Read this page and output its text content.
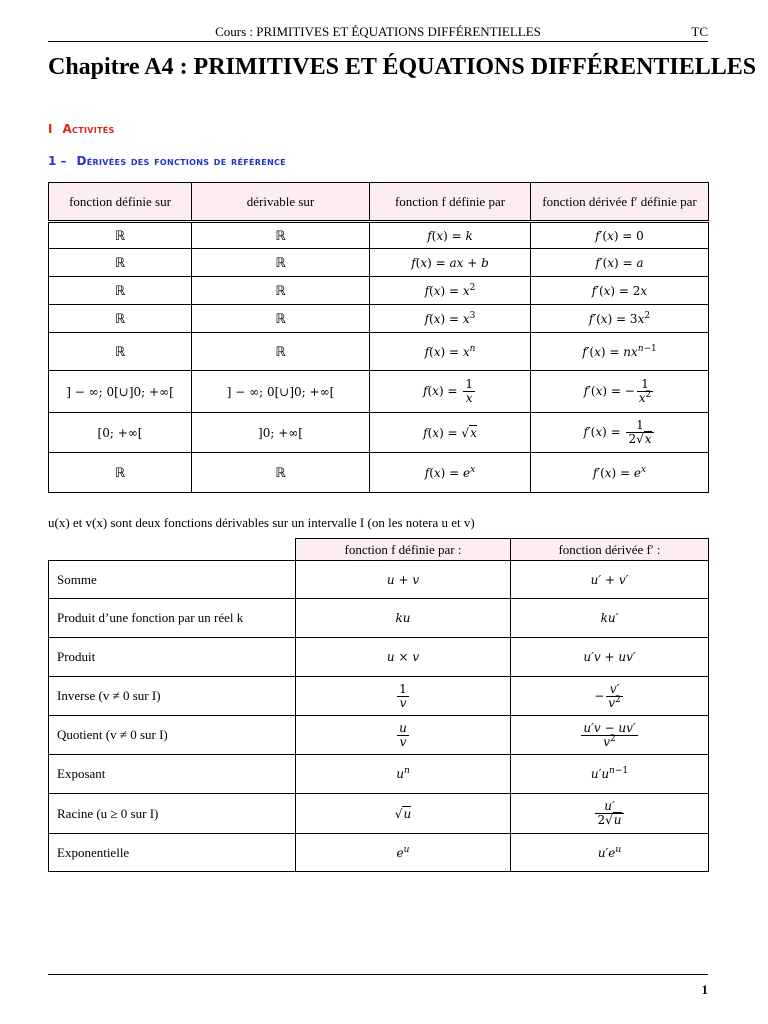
Cours : PRIMITIVES ET ÉQUATIONS DIFFÉRENTIELLES	TC
Chapitre A4 : PRIMITIVES ET ÉQUATIONS DIFFÉRENTIELLES
I Activités
1 – Dérivées des fonctions de référence
fonction définie sur	dérivable sur	fonction f définie par	fonction dérivée f′ définie par
ℝ	ℝ	f(x) = k	f′(x) = 0
ℝ	ℝ	f(x) = ax + b	f′(x) = a
ℝ	ℝ	$f(x) = x^2$	f′(x) = 2x
ℝ	ℝ	$f(x) = x^3$	$f'(x) = 3x^2$
ℝ	ℝ	$f(x) = x^n$	$f'(x) = nx^{n-1}$
] − ∞; 0[∪]0; +∞[	] − ∞; 0[∪]0; +∞[	$f(x) = \frac{1}{x}$	f′(x) = − $\frac{1}{x^2}$

[0; +∞[	]0; +∞[	f(x) = √x	$f'(x) = \frac{1}{2√x}$

ℝ	ℝ	$f(x) = e^x$	$f'(x) = e^x$
u(x) et v(x) sont deux fonctions dérivables sur un intervalle I (on les notera u et v)
	fonction f définie par :	fonction dérivée f′ :
Somme	u + v	u′ + v′
Produit d’une fonction par un réel k	ku	ku′
Produit	u × v	u′v + uv′
Inverse (v ≠ 0 sur I)	$\frac{1}{v}$	− $\frac{v'}{v^2}$

Quotient (v ≠ 0 sur I)	$\frac{u}{v}$	$\frac{u'v - uv'}{v^2}$

Exposant	$u^n$	$u'u^{n-1}$
Racine (u ≥ 0 sur I)	√u	$\frac{u'}{2√u}$

Exponentielle	$e^u$	$u'e^u$
1
